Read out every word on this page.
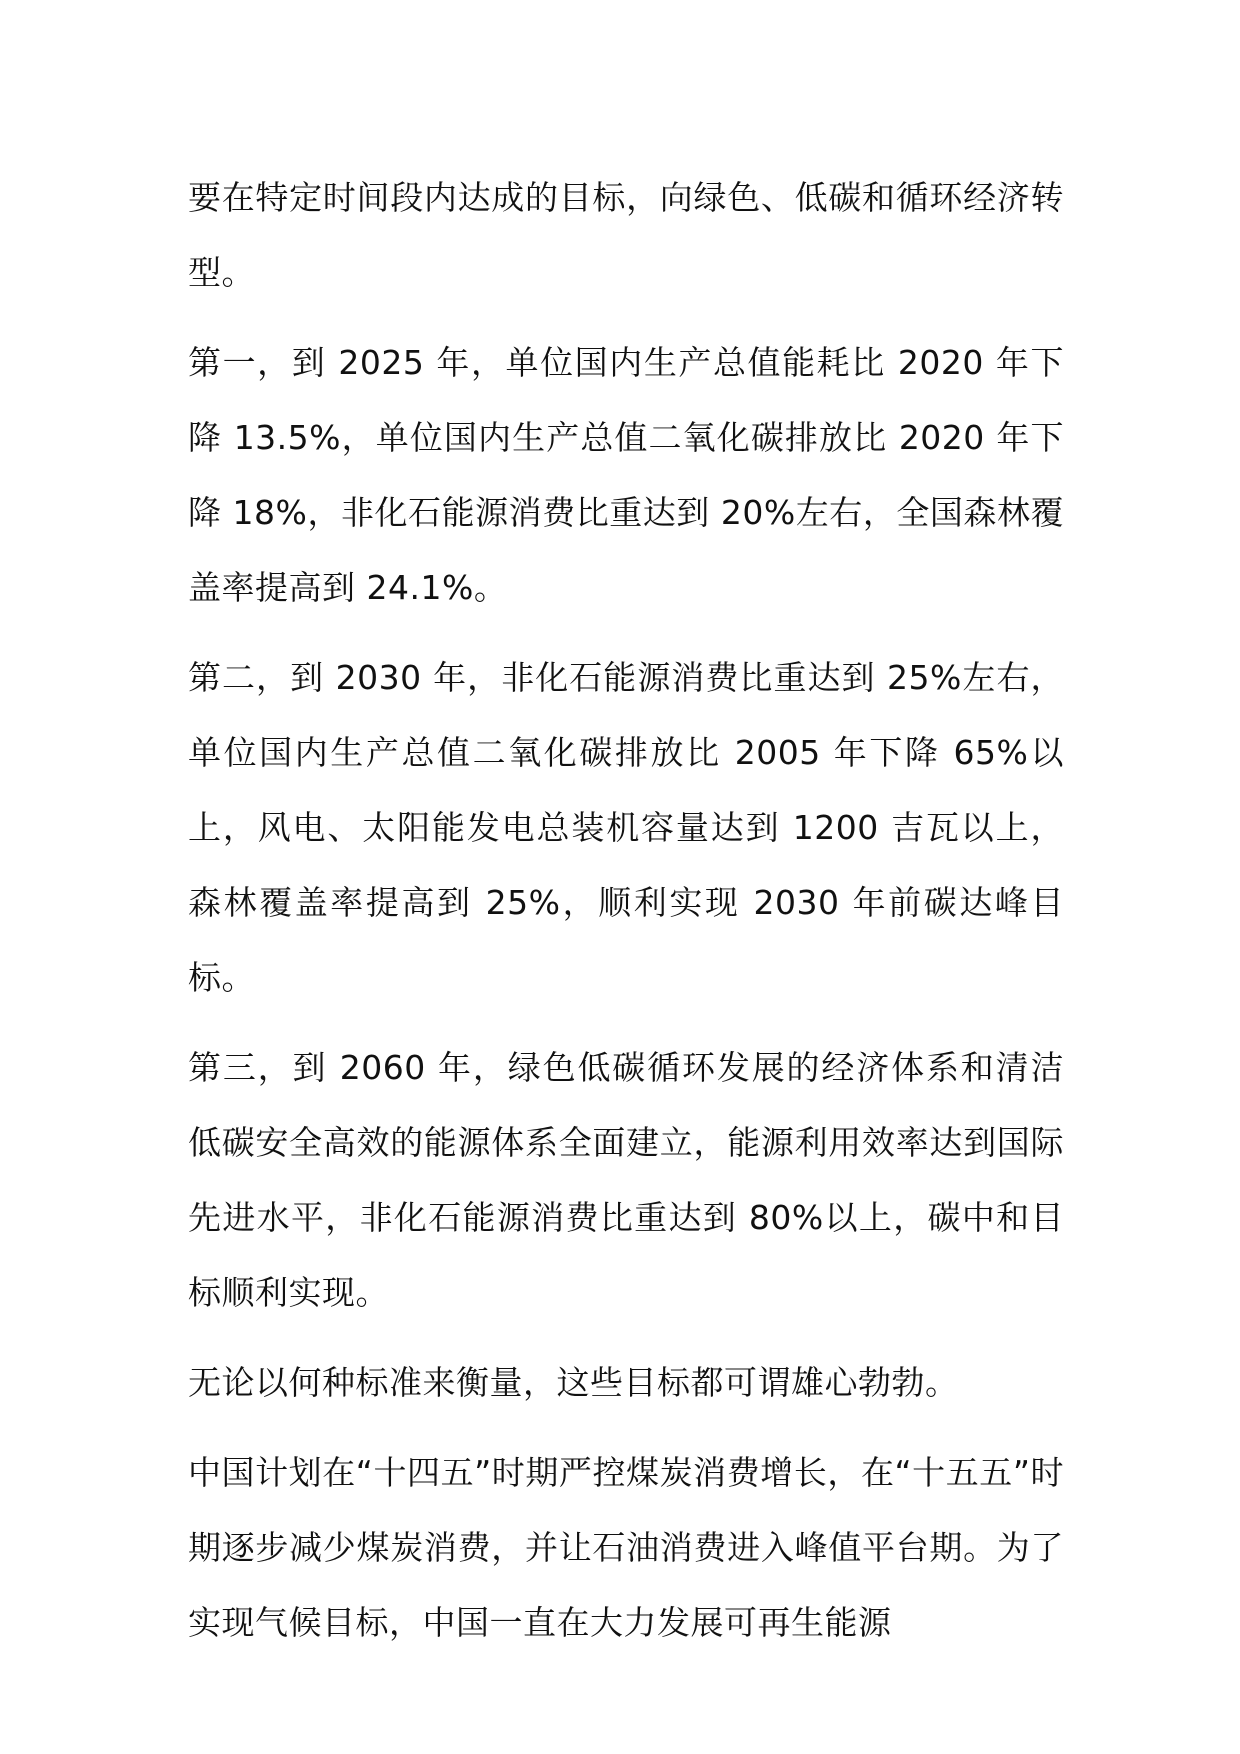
要在特定时间段内达成的目标，向绿色、低碳和循环经济转型。

第一，到 2025 年，单位国内生产总值能耗比 2020 年下降 13.5%，单位国内生产总值二氧化碳排放比 2020 年下降 18%，非化石能源消费比重达到 20%左右，全国森林覆盖率提高到 24.1%。

第二，到 2030 年，非化石能源消费比重达到 25%左右，单位国内生产总值二氧化碳排放比 2005 年下降 65%以上，风电、太阳能发电总装机容量达到 1200 吉瓦以上，森林覆盖率提高到 25%，顺利实现 2030 年前碳达峰目标。

第三，到 2060 年，绿色低碳循环发展的经济体系和清洁低碳安全高效的能源体系全面建立，能源利用效率达到国际先进水平，非化石能源消费比重达到 80%以上，碳中和目标顺利实现。

无论以何种标准来衡量，这些目标都可谓雄心勃勃。

中国计划在“十四五”时期严控煤炭消费增长，在“十五五”时期逐步减少煤炭消费，并让石油消费进入峰值平台期。为了实现气候目标，中国一直在大力发展可再生能源
